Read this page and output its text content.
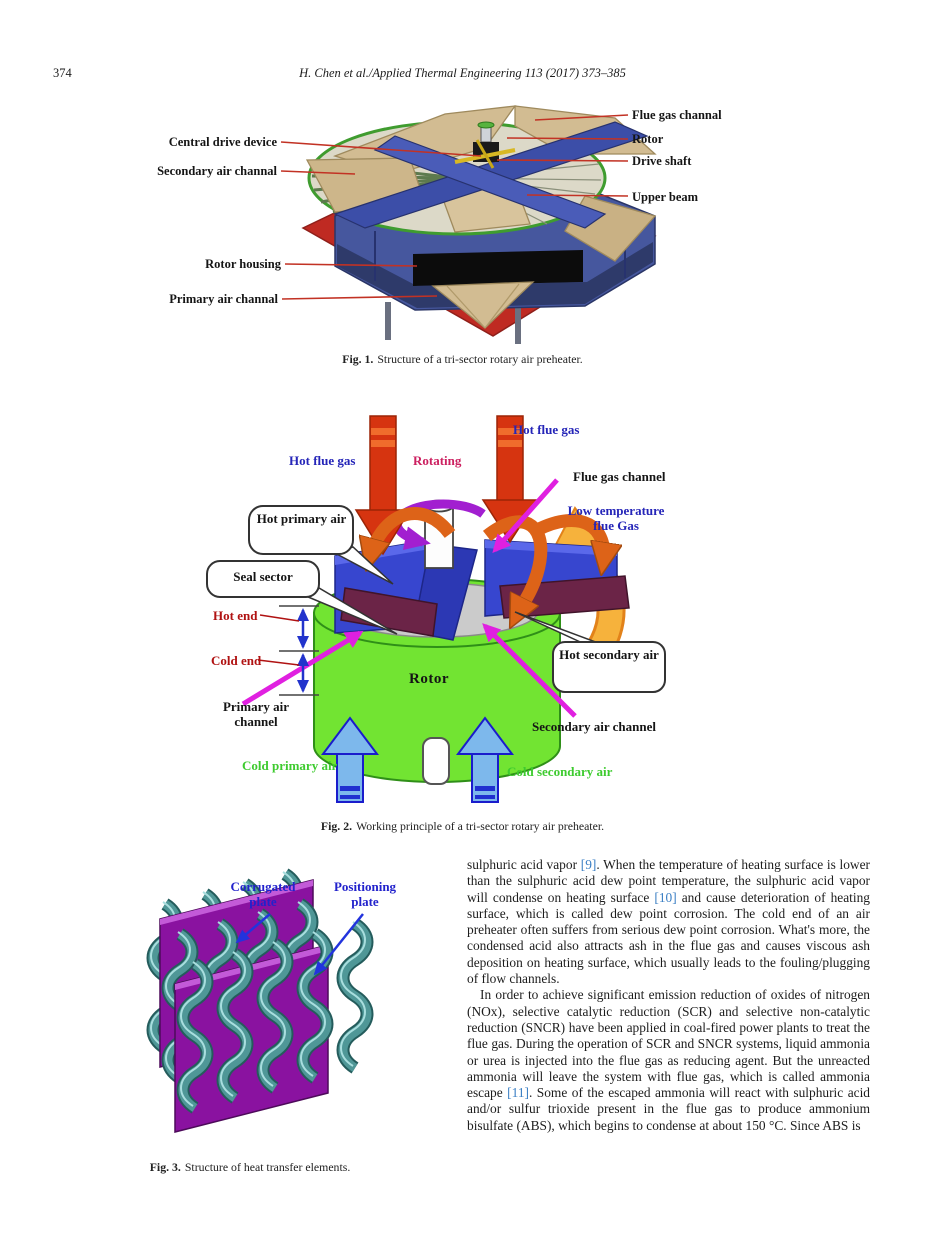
374	H. Chen et al./Applied Thermal Engineering 113 (2017) 373–385
Central drive device
Secondary air channal
Rotor housing
Primary air channal
Flue gas channal
Rotor
Drive shaft
Upper beam
Fig. 1. Structure of a tri-sector rotary air preheater.
Hot flue gas	Rotating
Hot flue gas
Flue gas channel
Low temperature flue Gas
Hot primary air
Seal sector
Hot end
Cold end
Primary air channel
Rotor
Hot secondary air
Secondary air channel
Cold primary air	Cold secondary air
Fig. 2. Working principle of a tri-sector rotary air preheater.
Corrugated plate
Positioning plate
Fig. 3. Structure of heat transfer elements.

sulphuric acid vapor [9]. When the temperature of heating surface is lower than the sulphuric acid dew point temperature, the sulphuric acid vapor will condense on heating surface [10] and cause deterioration of heating surface, which is called dew point corrosion. The cold end of an air preheater often suffers from serious dew point corrosion. What's more, the condensed acid also attracts ash in the flue gas and causes viscous ash deposition on heating surface, which usually leads to the fouling/plugging of flow channels.

In order to achieve significant emission reduction of oxides of nitrogen (NOx), selective catalytic reduction (SCR) and selective non-catalytic reduction (SNCR) have been applied in coal-fired power plants to treat the flue gas. During the operation of SCR and SNCR systems, liquid ammonia or urea is injected into the flue gas as reducing agent. But the unreacted ammonia will leave the system with flue gas, which is called ammonia escape [11]. Some of the escaped ammonia will react with sulphuric acid and/or sulfur trioxide present in the flue gas to produce ammonium bisulfate (ABS), which begins to condense at about 150 °C. Since ABS is
